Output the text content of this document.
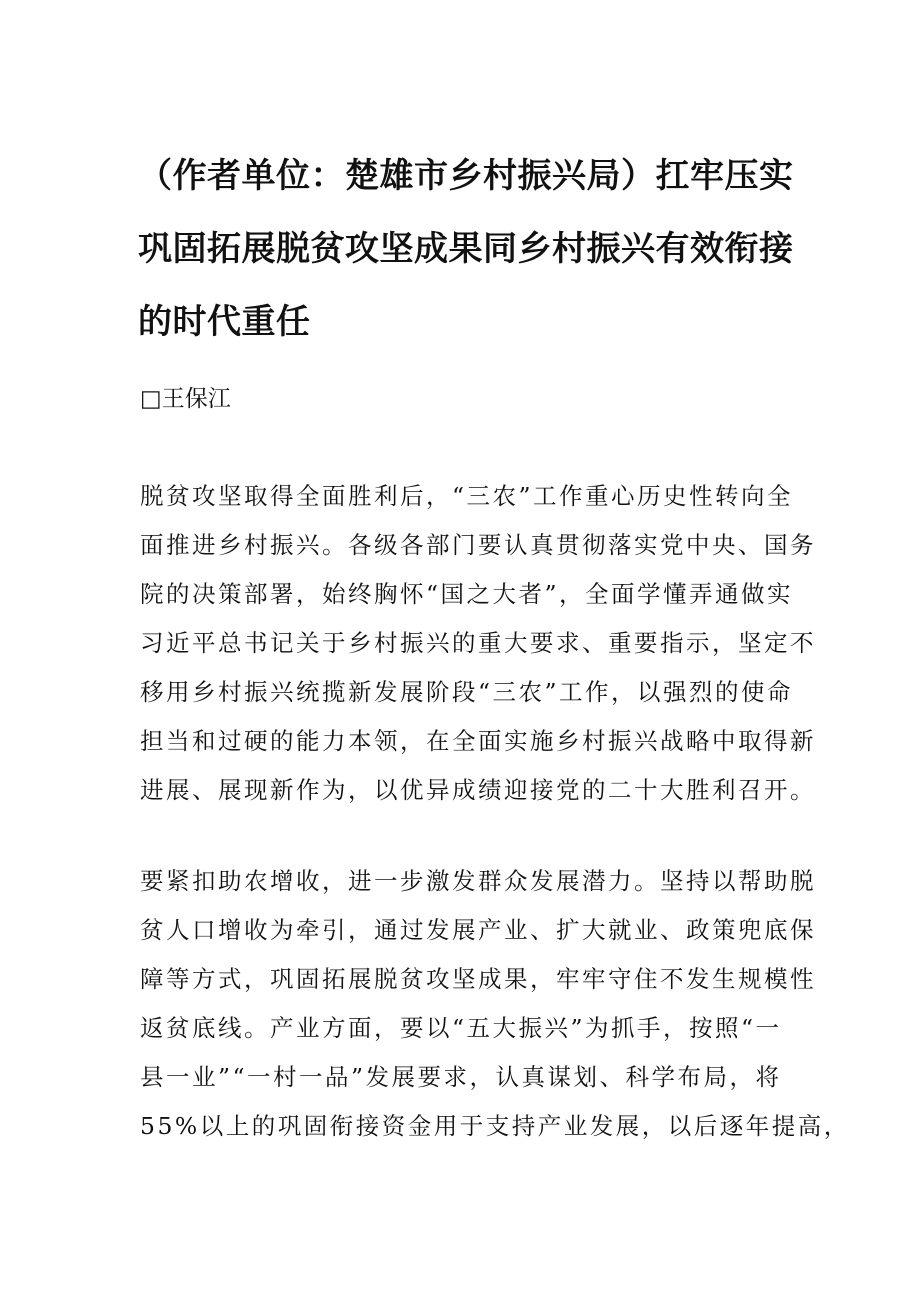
（作者单位：楚雄市乡村振兴局）扛牢压实
巩固拓展脱贫攻坚成果同乡村振兴有效衔接
的时代重任
□王保江

脱贫攻坚取得全面胜利后，“三农”工作重心历史性转向全
面推进乡村振兴。各级各部门要认真贯彻落实党中央、国务
院的决策部署，始终胸怀“国之大者”，全面学懂弄通做实
习近平总书记关于乡村振兴的重大要求、重要指示，坚定不
移用乡村振兴统揽新发展阶段“三农”工作，以强烈的使命
担当和过硬的能力本领，在全面实施乡村振兴战略中取得新
进展、展现新作为，以优异成绩迎接党的二十大胜利召开。

要紧扣助农增收，进一步激发群众发展潜力。坚持以帮助脱
贫人口增收为牵引，通过发展产业、扩大就业、政策兜底保
障等方式，巩固拓展脱贫攻坚成果，牢牢守住不发生规模性
返贫底线。产业方面，要以“五大振兴”为抓手，按照“一
县一业”“一村一品”发展要求，认真谋划、科学布局，将
55%以上的巩固衔接资金用于支持产业发展，以后逐年提高，
